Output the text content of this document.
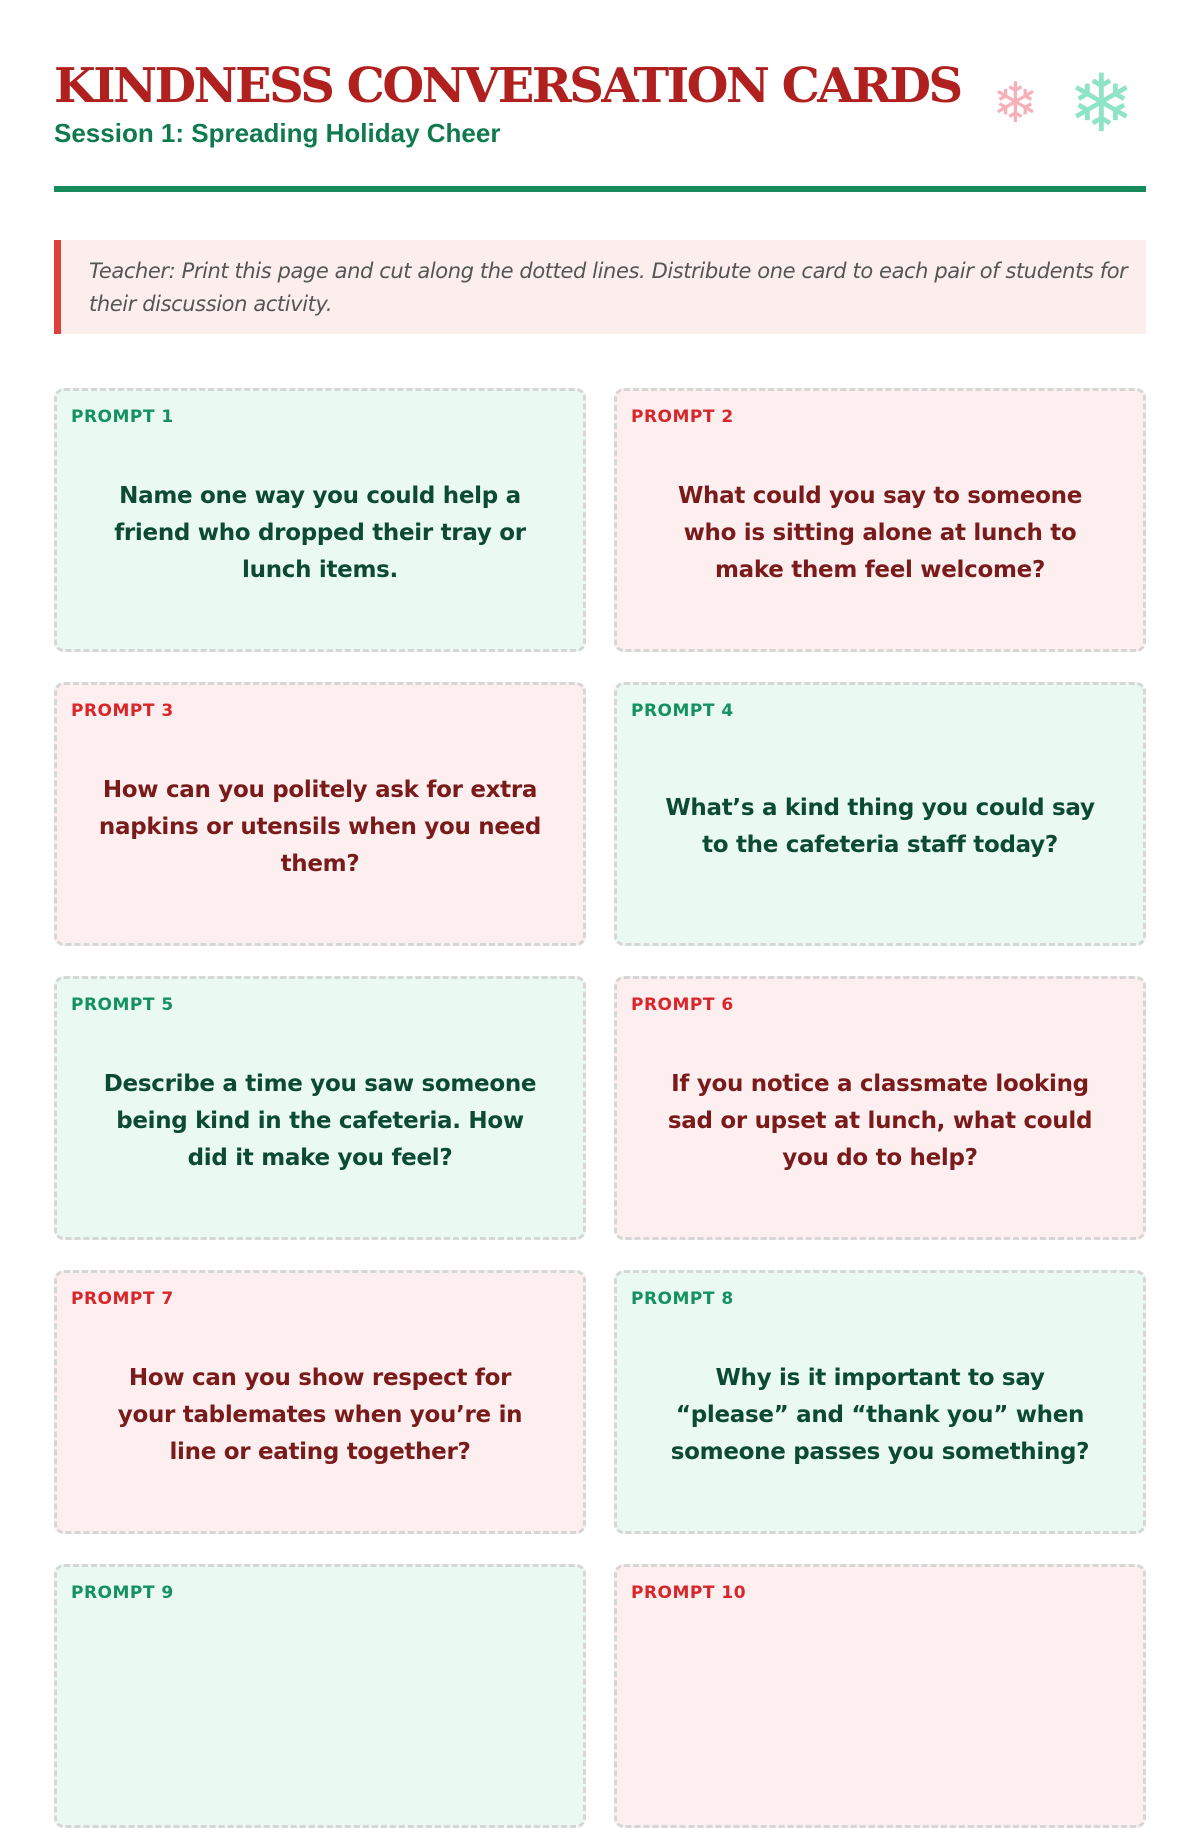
KINDNESS CONVERSATION CARDS
Session 1: Spreading Holiday Cheer	❄ ❄
Teacher: Print this page and cut along the dotted lines. Distribute one card to each pair of students for
their discussion activity.
PROMPT 1
Name one way you could help a friend who dropped their tray or lunch items.
PROMPT 2
What could you say to someone who is sitting alone at lunch to make them feel welcome?
PROMPT 3
How can you politely ask for extra napkins or utensils when you need them?
PROMPT 4
What’s a kind thing you could say to the cafeteria staff today?
PROMPT 5
Describe a time you saw someone being kind in the cafeteria. How did it make you feel?
PROMPT 6
If you notice a classmate looking sad or upset at lunch, what could you do to help?
PROMPT 7
How can you show respect for your tablemates when you’re in line or eating together?
PROMPT 8
Why is it important to say “please” and “thank you” when someone passes you something?
PROMPT 9	PROMPT 10
